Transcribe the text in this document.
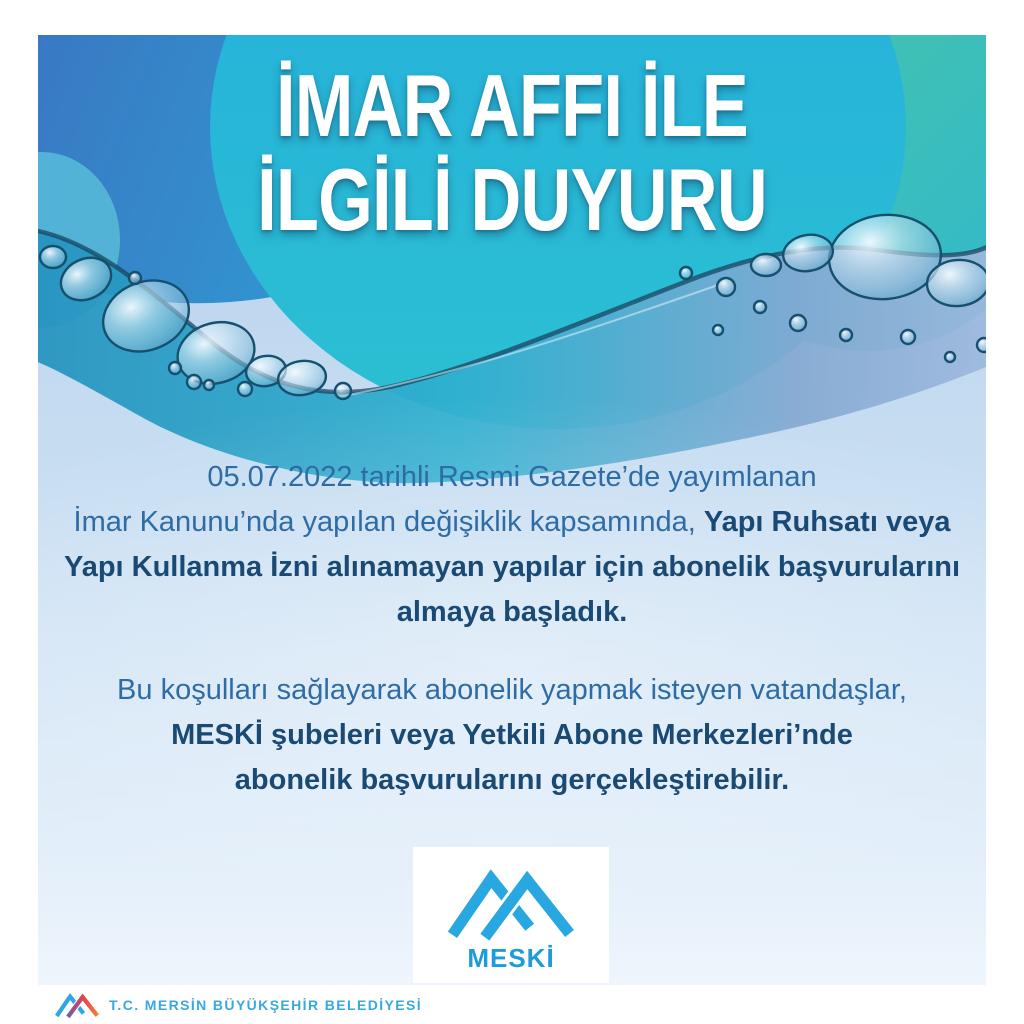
İMAR AFFI İLE
İLGİLİ DUYURU
05.07.2022 tarihli Resmi Gazete’de yayımlanan
İmar Kanunu’nda yapılan değişiklik kapsamında, Yapı Ruhsatı veya
Yapı Kullanma İzni alınamayan yapılar için abonelik başvurularını
almaya başladık.
Bu koşulları sağlayarak abonelik yapmak isteyen vatandaşlar,
MESKİ şubeleri veya Yetkili Abone Merkezleri’nde
abonelik başvurularını gerçekleştirebilir.
MESKİ
T.C. MERSİN BÜYÜKŞEHİR BELEDİYESİ
